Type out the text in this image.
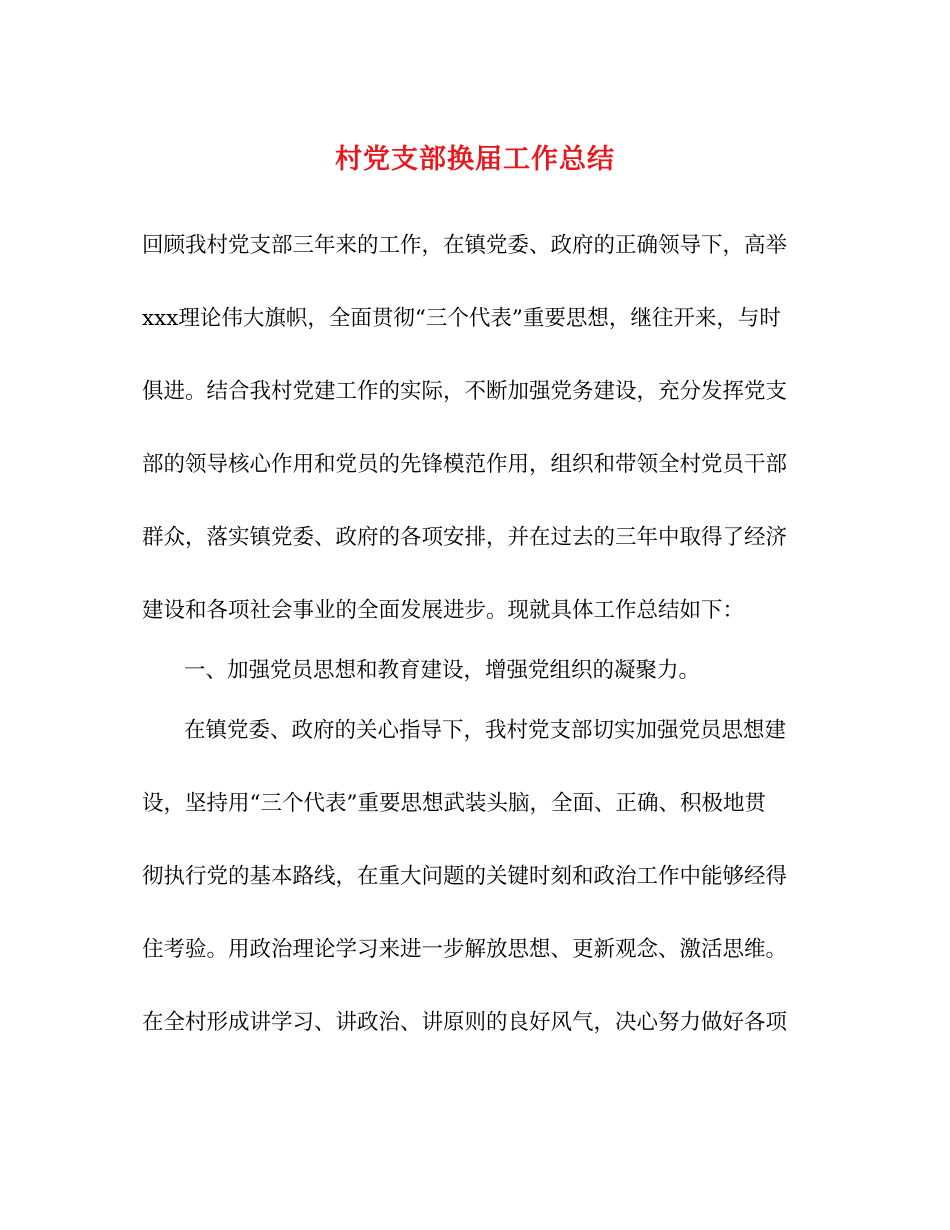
村党支部换届工作总结
回顾我村党支部三年来的工作，在镇党委、政府的正确领导下，高举
xxx理论伟大旗帜，全面贯彻“三个代表”重要思想，继往开来，与时
俱进。结合我村党建工作的实际，不断加强党务建设，充分发挥党支
部的领导核心作用和党员的先锋模范作用，组织和带领全村党员干部
群众，落实镇党委、政府的各项安排，并在过去的三年中取得了经济
建设和各项社会事业的全面发展进步。现就具体工作总结如下：
一、加强党员思想和教育建设，增强党组织的凝聚力。
在镇党委、政府的关心指导下，我村党支部切实加强党员思想建
设，坚持用“三个代表”重要思想武装头脑，全面、正确、积极地贯
彻执行党的基本路线，在重大问题的关键时刻和政治工作中能够经得
住考验。用政治理论学习来进一步解放思想、更新观念、激活思维。
在全村形成讲学习、讲政治、讲原则的良好风气，决心努力做好各项
